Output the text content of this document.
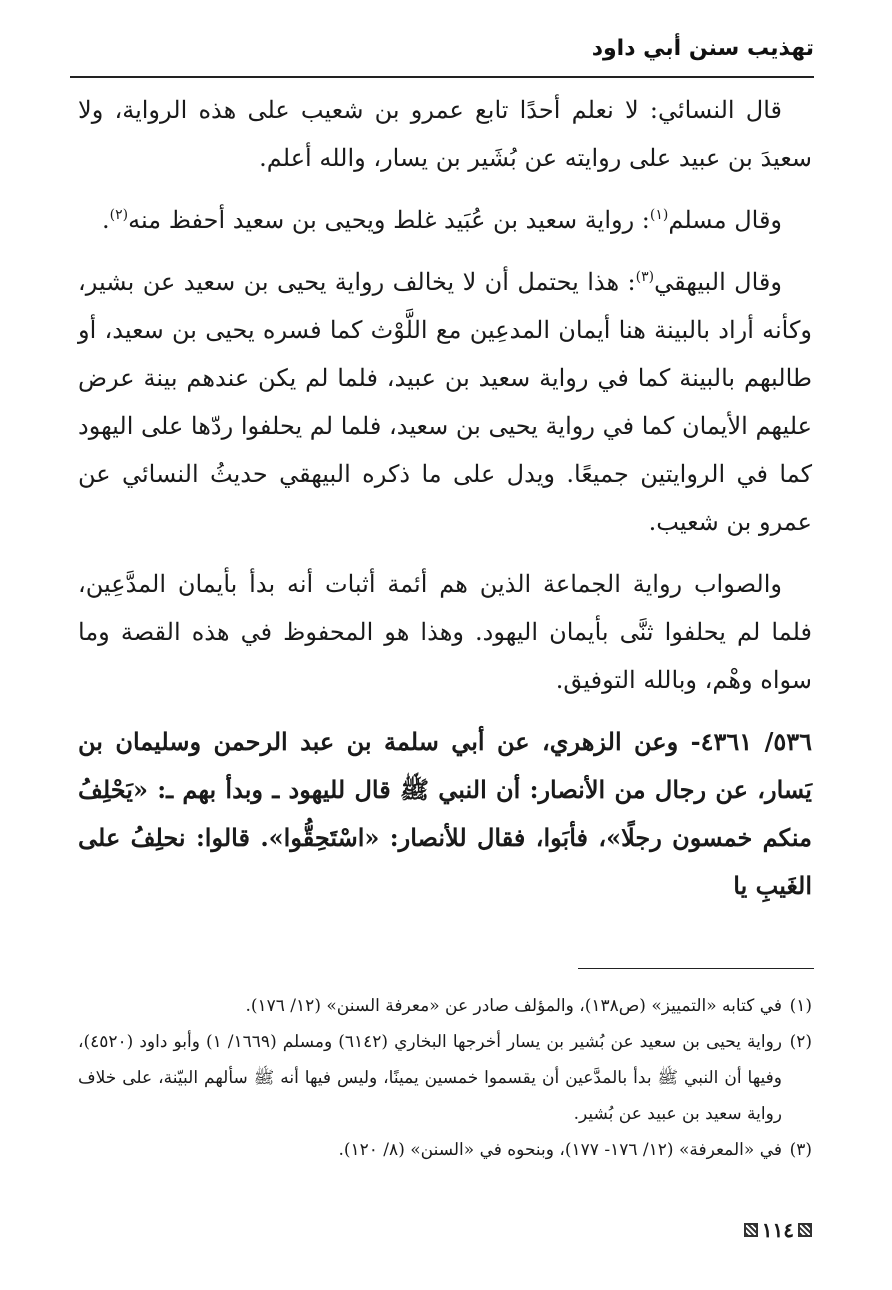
تهذيب سنن أبي داود

قال النسائي: لا نعلم أحدًا تابع عمرو بن شعيب على هذه الرواية، ولا سعيدَ بن عبيد على روايته عن بُشَير بن يسار، والله أعلم.

وقال مسلم$^{(١)}$: رواية سعيد بن عُبَيد غلط ويحيى بن سعيد أحفظ منه$^{(٢)}$.

وقال البيهقي$^{(٣)}$: هذا يحتمل أن لا يخالف رواية يحيى بن سعيد عن بشير، وكأنه أراد بالبينة هنا أيمان المدعِين مع اللَّوْث كما فسره يحيى بن سعيد، أو طالبهم بالبينة كما في رواية سعيد بن عبيد، فلما لم يكن عندهم بينة عرض عليهم الأيمان كما في رواية يحيى بن سعيد، فلما لم يحلفوا ردّها على اليهود كما في الروايتين جميعًا. ويدل على ما ذكره البيهقي حديثُ النسائي عن عمرو بن شعيب.

والصواب رواية الجماعة الذين هم أئمة أثبات أنه بدأ بأيمان المدَّعِين، فلما لم يحلفوا ثنَّى بأيمان اليهود. وهذا هو المحفوظ في هذه القصة وما سواه وهْم، وبالله التوفيق.

٥٣٦/ ٤٣٦١- وعن الزهري، عن أبي سلمة بن عبد الرحمن وسليمان بن يَسار، عن رجال من الأنصار: أن النبي ﷺ قال لليهود ـ وبدأ بهم ـ: «يَحْلِفُ منكم خمسون رجلًا»، فأبَوا، فقال للأنصار: «اسْتَحِقُّوا». قالوا: نحلِفُ على الغَيبِ يا

(١)
في كتابه «التمييز» (ص١٣٨)، والمؤلف صادر عن «معرفة السنن» (١٢/ ١٧٦).

(٢)
رواية يحيى بن سعيد عن بُشير بن يسار أخرجها البخاري (٦١٤٢) ومسلم (١٦٦٩/ ١) وأبو داود (٤٥٢٠)، وفيها أن النبي ﷺ بدأ بالمدَّعين أن يقسموا خمسين يمينًا، وليس فيها أنه ﷺ سألهم البيّنة، على خلاف رواية سعيد بن عبيد عن بُشير.

(٣)
في «المعرفة» (١٢/ ١٧٦- ١٧٧)، وبنحوه في «السنن» (٨/ ١٢٠).

١١٤
